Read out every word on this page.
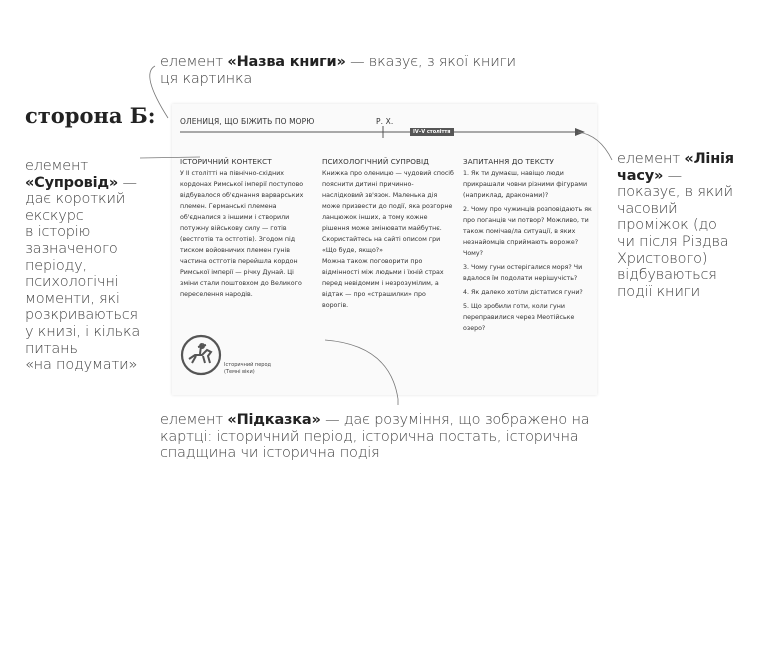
сторона Б:
елемент «Назва книги» — вказує, з якої книги
ця картинка
елемент
«Супровід» —
дає короткий
екскурс
в історію
зазначеного
періоду,
психологічні
моменти, які
розкриваються
у книзі, і кілька
питань
«на подумати»
елемент «Лінія
часу» —
показує, в який
часовий
проміжок (до
чи після Різдва
Христового)
відбуваються
події книги
елемент «Підказка» — дає розуміння, що зображено на
картці: історичний період, історична постать, історична
спадщина чи історична подія
ОЛЕНИЦЯ, ЩО БІЖИТЬ ПО МОРЮ	Р. Х.
IV–V століття
ІСТОРИЧНИЙ КОНТЕКСТ

У II столітті на північно-східних кордонах Римської імперії поступово відбувалося об'єднання варварських племен. Германські племена об'єдналися з іншими і створили потужну військову силу — готів (вестготів та остготів). Згодом під тиском войовничих племен гунів частина остготів перейшла кордон Римської імперії — річку Дунай. Ці зміни стали поштовхом до Великого переселення народів.

ПСИХОЛОГІЧНИЙ СУПРОВІД

Книжка про оленицю — чудовий спосіб пояснити дитині причинно-наслідковий зв'язок. Маленька дія може призвести до події, яка розгорне ланцюжок інших, а тому кожне рішення може змінювати майбутнє.

Скористайтесь на сайті описом гри «Що буде, якщо?»

Можна також поговорити про відмінності між людьми і їхній страх перед невідомим і незрозумілим, а відтак — про «страшилки» про ворогів.

ЗАПИТАННЯ ДО ТЕКСТУ

1. Як ти думаєш, навіщо люди прикрашали човни різними фігурами (наприклад, драконами)?

2. Чому про чужинців розповідають як про поганців чи потвор? Можливо, ти також помічав/ла ситуації, в яких незнайомців сприймають вороже? Чому?

3. Чому гуни остерігалися моря? Чи вдалося їм подолати нерішучість?

4. Як далеко хотіли дістатися гуни?

5. Що зробили готи, коли гуни переправилися через Меотійське озеро?

Історичний перод
(Темні віки)
